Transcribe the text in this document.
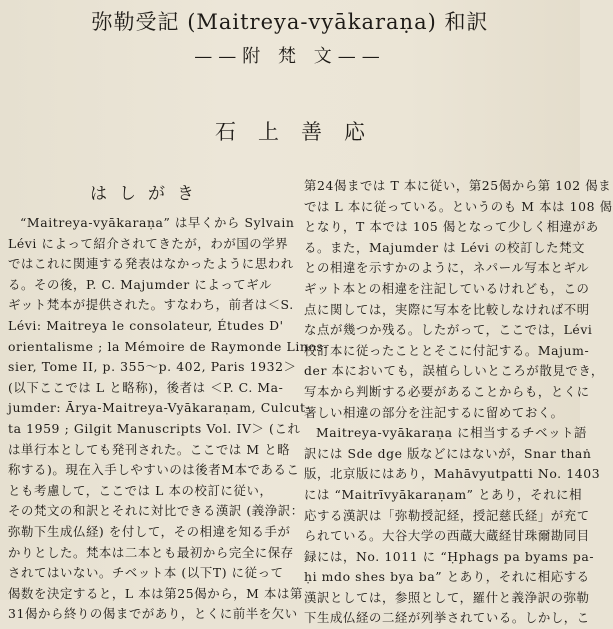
弥勒受記 (Maitreya-vyākaraṇa) 和訳
——附 梵 文——
石上善応
はしがき
“Maitreya-vyākaraṇa” は早くから Sylvain
Lévi によって紹介されてきたが，わが国の学界
ではこれに関連する発表はなかったように思われ
る。その後，P. C. Majumder によってギル
ギット梵本が提供された。すなわち，前者は＜S.
Lévi: Maitreya le consolateur, Études D'
orientalisme ; la Mémoire de Raymonde Linos-
sier, Tome II, p. 355～p. 402, Paris 1932＞
(以下ここでは L と略称)，後者は ＜P. C. Ma-
jumder: Ārya-Maitreya-Vyākaraṇam, Culcut-
ta 1959 ; Gilgit Manuscripts Vol. IV＞ (これ
は単行本としても発刊された。ここでは M と略
称する)。現在入手しやすいのは後者M本であるこ
とも考慮して，ここでは L 本の校訂に従い，
その梵文の和訳とそれに対比できる漢訳 (義浄訳：
弥勒下生成仏経) を付して，その相違を知る手が
かりとした。梵本は二本とも最初から完全に保存
されてはいない。チベット本 (以下T) に従って
偈数を決定すると，L 本は第25偈から，M 本は第
31偈から終りの偈までがあり，とくに前半を欠い
第24偈までは T 本に従い，第25偈から第 102 偈ま
では L 本に従っている。というのも M 本は 108 偈
となり，T 本では 105 偈となって少しく相違があ
る。また，Majumder は Lévi の校訂した梵文
との相違を示すかのように，ネパール写本とギル
ギット本との相違を注記しているけれども，この
点に関しては，実際に写本を比較しなければ不明
な点が幾つか残る。したがって，ここでは，Lévi
校訂本に従ったこととそこに付記する。Majum-
der 本においても，誤植らしいところが散見でき，
写本から判断する必要があることからも，とくに
著しい相違の部分を注記するに留めておく。
Maitreya-vyākaraṇa に相当するチベット語
訳には Sde dge 版などにはないが，Snar thaṅ
版，北京版にはあり，Mahāvyutpatti No. 1403
には “Maitrīvyākaraṇam” とあり，それに相
応する漢訳は「弥勒授記経，授記慈氏経」が充て
られている。大谷大学の西蔵大蔵経甘珠爾勘同目
録には，No. 1011 に “Ḥphags pa byams pa-
ḥi mdo shes bya ba” とあり，それに相応する
漢訳としては，参照として，羅什と義浄訳の弥勒
下生成仏経の二経が列挙されている。しかし，こ
